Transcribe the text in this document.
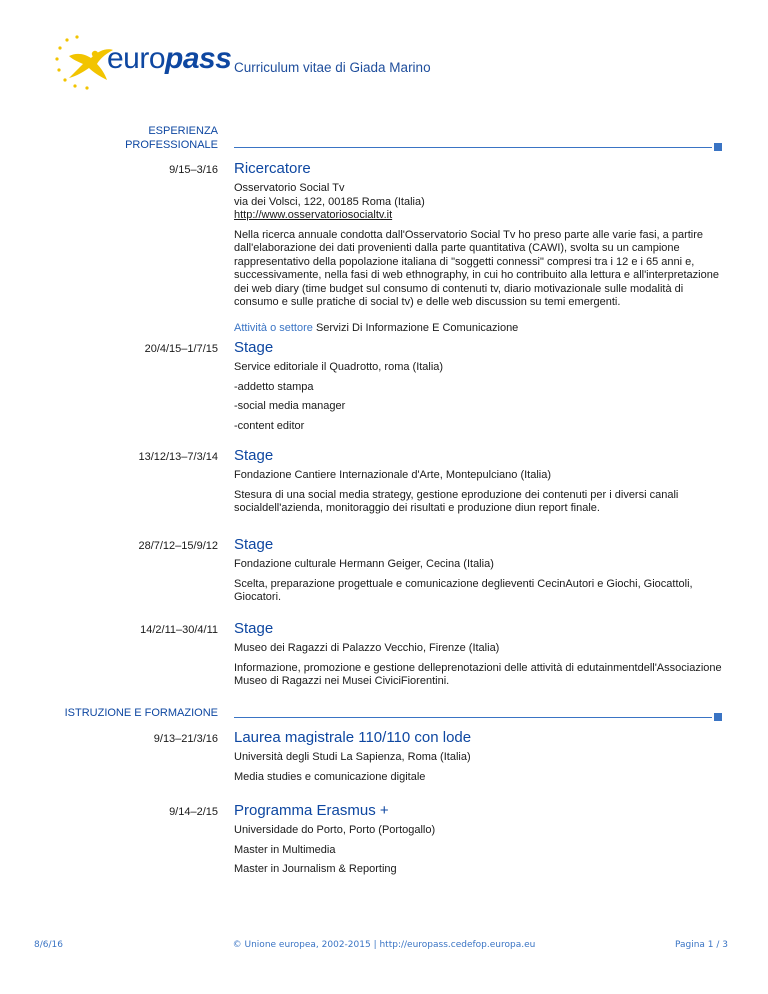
europass Curriculum vitae di Giada Marino
ESPERIENZA PROFESSIONALE
9/15–3/16 Ricercatore
Osservatorio Social Tv
via dei Volsci, 122, 00185 Roma (Italia)

http://www.osservatoriosocialtv.it

Nella ricerca annuale condotta dall'Osservatorio Social Tv ho preso parte alle varie fasi, a partire dall'elaborazione dei dati provenienti dalla parte quantitativa (CAWI), svolta su un campione rappresentativo della popolazione italiana di "soggetti connessi" compresi tra i 12 e i 65 anni e, successivamente, nella fasi di web ethnography, in cui ho contribuito alla lettura e all'interpretazione dei web diary (time budget sul consumo di contenuti tv, diario motivazionale sulle modalità di consumo e sulle pratiche di social tv) e delle web discussion su temi emergenti.

Attività o settore Servizi Di Informazione E Comunicazione

20/4/15–1/7/15 Stage

Service editoriale il Quadrotto, roma (Italia)

-addetto stampa

-social media manager

-content editor

13/12/13–7/3/14 Stage

Fondazione Cantiere Internazionale d'Arte, Montepulciano (Italia)

Stesura di una social media strategy, gestione eproduzione dei contenuti per i diversi canali socialdell'azienda, monitoraggio dei risultati e produzione diun report finale.

28/7/12–15/9/12 Stage

Fondazione culturale Hermann Geiger, Cecina (Italia)

Scelta, preparazione progettuale e comunicazione deglieventi CecinAutori e Giochi, Giocattoli, Giocatori.

14/2/11–30/4/11 Stage

Museo dei Ragazzi di Palazzo Vecchio, Firenze (Italia)

Informazione, promozione e gestione delleprenotazioni delle attività di edutainmentdell'Associazione Museo di Ragazzi nei Musei CiviciFiorentini.

ISTRUZIONE E FORMAZIONE
9/13–21/3/16 Laurea magistrale 110/110 con lode

Università degli Studi La Sapienza, Roma (Italia)

Media studies e comunicazione digitale

9/14–2/15 Programma Erasmus +

Universidade do Porto, Porto (Portogallo)

Master in Multimedia

Master in Journalism & Reporting

8/6/16	© Unione europea, 2002-2015 | http://europass.cedefop.europa.eu	Pagina 1 / 3
